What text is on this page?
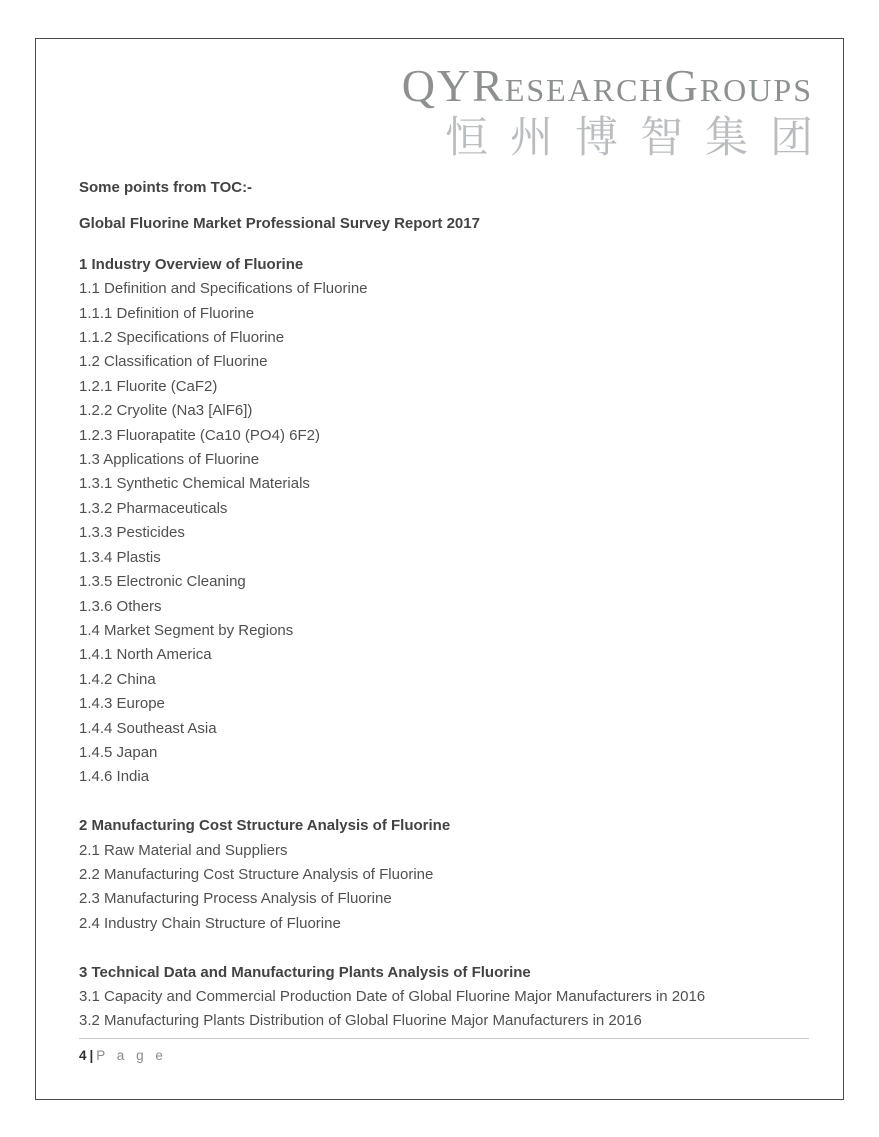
QYResearchGroups
恒州博智集团

Some points from TOC:-

Global Fluorine Market Professional Survey Report 2017

1 Industry Overview of Fluorine

1.1 Definition and Specifications of Fluorine

1.1.1 Definition of Fluorine

1.1.2 Specifications of Fluorine

1.2 Classification of Fluorine

1.2.1 Fluorite (CaF2)

1.2.2 Cryolite (Na3 [AlF6])

1.2.3 Fluorapatite (Ca10 (PO4) 6F2)

1.3 Applications of Fluorine

1.3.1 Synthetic Chemical Materials

1.3.2 Pharmaceuticals

1.3.3 Pesticides

1.3.4 Plastis

1.3.5 Electronic Cleaning

1.3.6 Others

1.4 Market Segment by Regions

1.4.1 North America

1.4.2 China

1.4.3 Europe

1.4.4 Southeast Asia

1.4.5 Japan

1.4.6 India

2 Manufacturing Cost Structure Analysis of Fluorine

2.1 Raw Material and Suppliers

2.2 Manufacturing Cost Structure Analysis of Fluorine

2.3 Manufacturing Process Analysis of Fluorine

2.4 Industry Chain Structure of Fluorine

3 Technical Data and Manufacturing Plants Analysis of Fluorine

3.1 Capacity and Commercial Production Date of Global Fluorine Major Manufacturers in 2016

3.2 Manufacturing Plants Distribution of Global Fluorine Major Manufacturers in 2016

4 | P a g e
